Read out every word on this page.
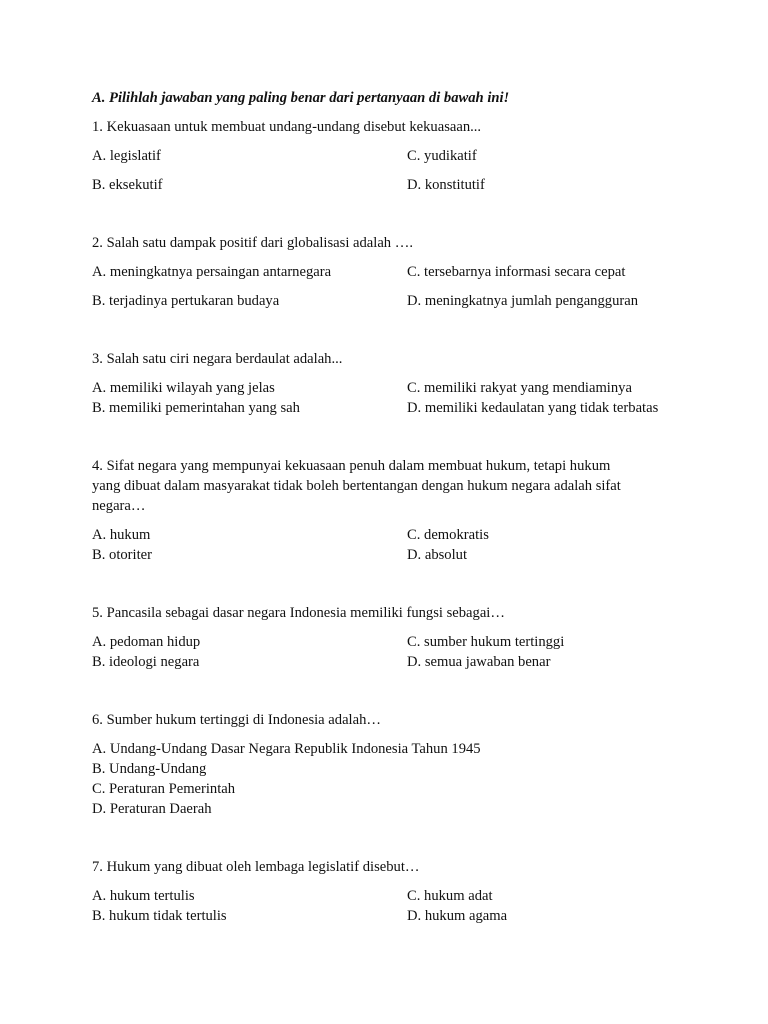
A. Pilihlah jawaban yang paling benar dari pertanyaan di bawah ini!

1. Kekuasaan untuk membuat undang-undang disebut kekuasaan...

A. legislatif	C. yudikatif

B. eksekutif	D. konstitutif

2. Salah satu dampak positif dari globalisasi adalah ….

A. meningkatnya persaingan antarnegara	C. tersebarnya informasi secara cepat

B. terjadinya pertukaran budaya	D. meningkatnya jumlah pengangguran

3. Salah satu ciri negara berdaulat adalah...

A. memiliki wilayah yang jelas	C. memiliki rakyat yang mendiaminya

B. memiliki pemerintahan yang sah	D. memiliki kedaulatan yang tidak terbatas

4. Sifat negara yang mempunyai kekuasaan penuh dalam membuat hukum, tetapi hukum

yang dibuat dalam masyarakat tidak boleh bertentangan dengan hukum negara adalah sifat

negara…

A. hukum	C. demokratis

B. otoriter	D. absolut

5. Pancasila sebagai dasar negara Indonesia memiliki fungsi sebagai…

A. pedoman hidup	C. sumber hukum tertinggi

B. ideologi negara	D. semua jawaban benar

6. Sumber hukum tertinggi di Indonesia adalah…

A. Undang-Undang Dasar Negara Republik Indonesia Tahun 1945

B. Undang-Undang

C. Peraturan Pemerintah

D. Peraturan Daerah

7. Hukum yang dibuat oleh lembaga legislatif disebut…

A. hukum tertulis	C. hukum adat

B. hukum tidak tertulis	D. hukum agama
